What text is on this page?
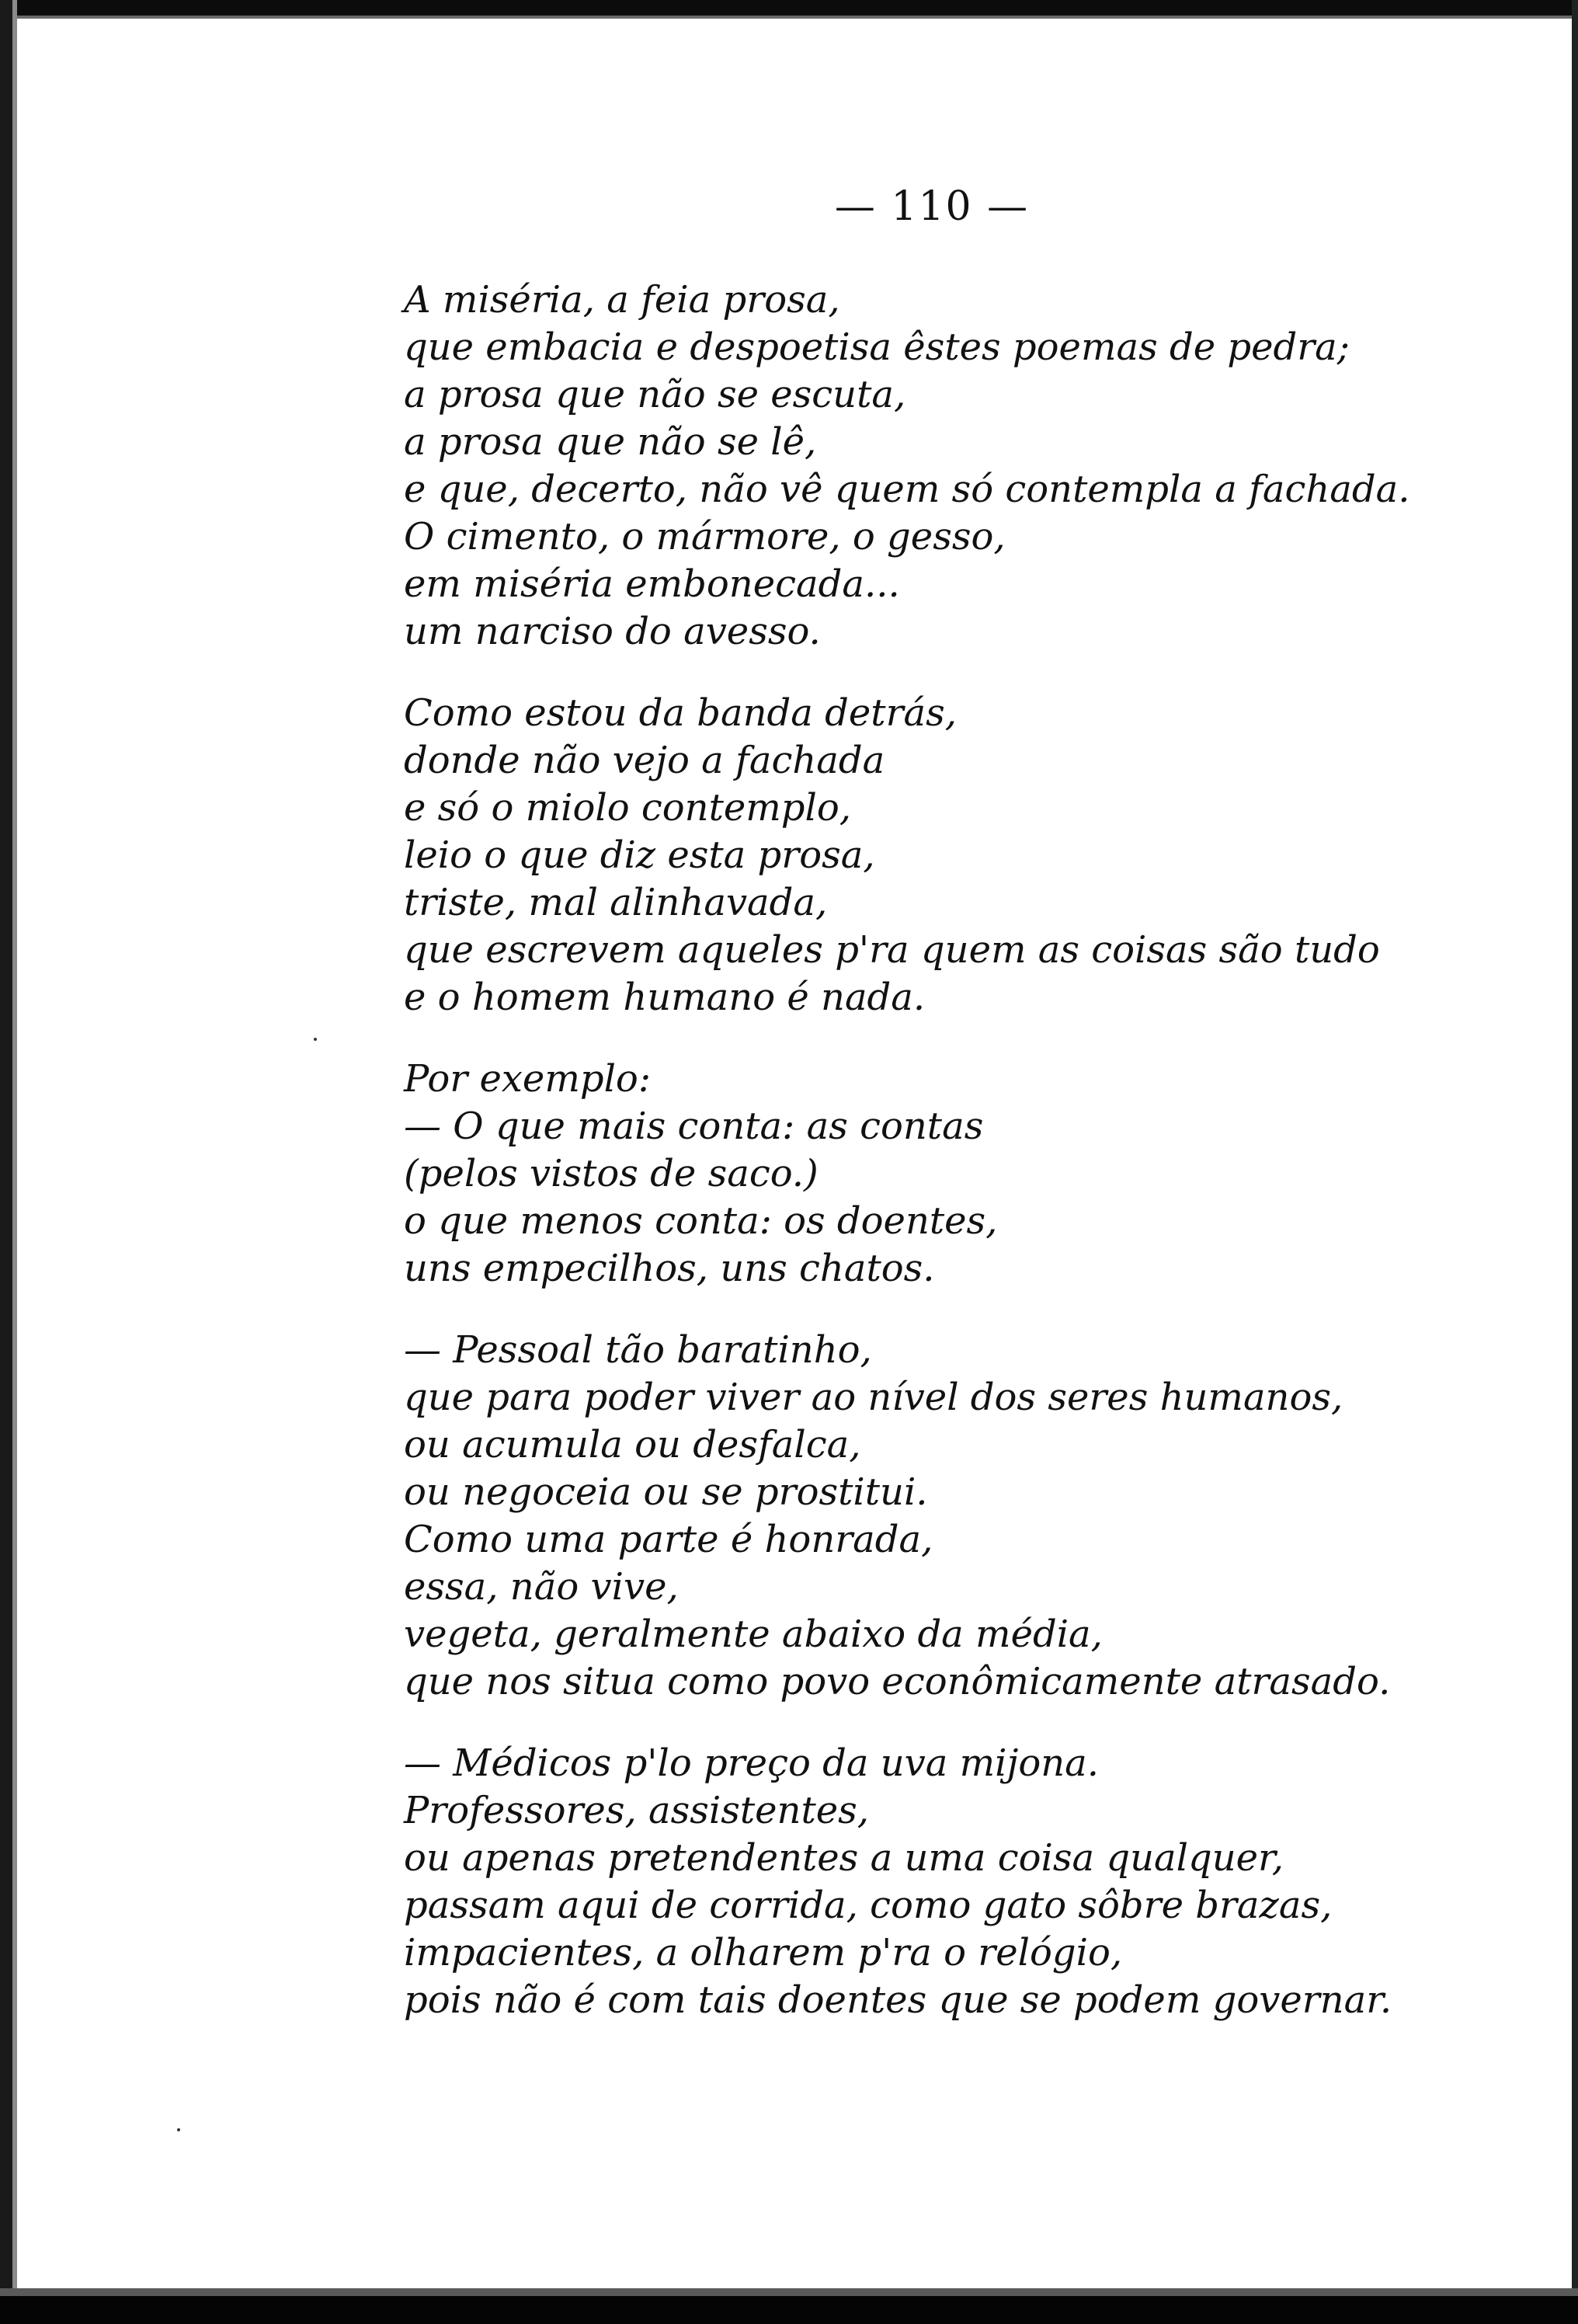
— 110 —
A miséria, a feia prosa,
que embacia e despoetisa êstes poemas de pedra;
a prosa que não se escuta,
a prosa que não se lê,
e que, decerto, não vê quem só contempla a fachada.
O cimento, o mármore, o gesso,
em miséria embonecada...
um narciso do avesso.
Como estou da banda detrás,
donde não vejo a fachada
e só o miolo contemplo,
leio o que diz esta prosa,
triste, mal alinhavada,
que escrevem aqueles p'ra quem as coisas são tudo
e o homem humano é nada.
Por exemplo:
— O que mais conta: as contas
(pelos vistos de saco.)
o que menos conta: os doentes,
uns empecilhos, uns chatos.
— Pessoal tão baratinho,
que para poder viver ao nível dos seres humanos,
ou acumula ou desfalca,
ou negoceia ou se prostitui.
Como uma parte é honrada,
essa, não vive,
vegeta, geralmente abaixo da média,
que nos situa como povo econômicamente atrasado.
— Médicos p'lo preço da uva mijona.
Professores, assistentes,
ou apenas pretendentes a uma coisa qualquer,
passam aqui de corrida, como gato sôbre brazas,
impacientes, a olharem p'ra o relógio,
pois não é com tais doentes que se podem governar.
